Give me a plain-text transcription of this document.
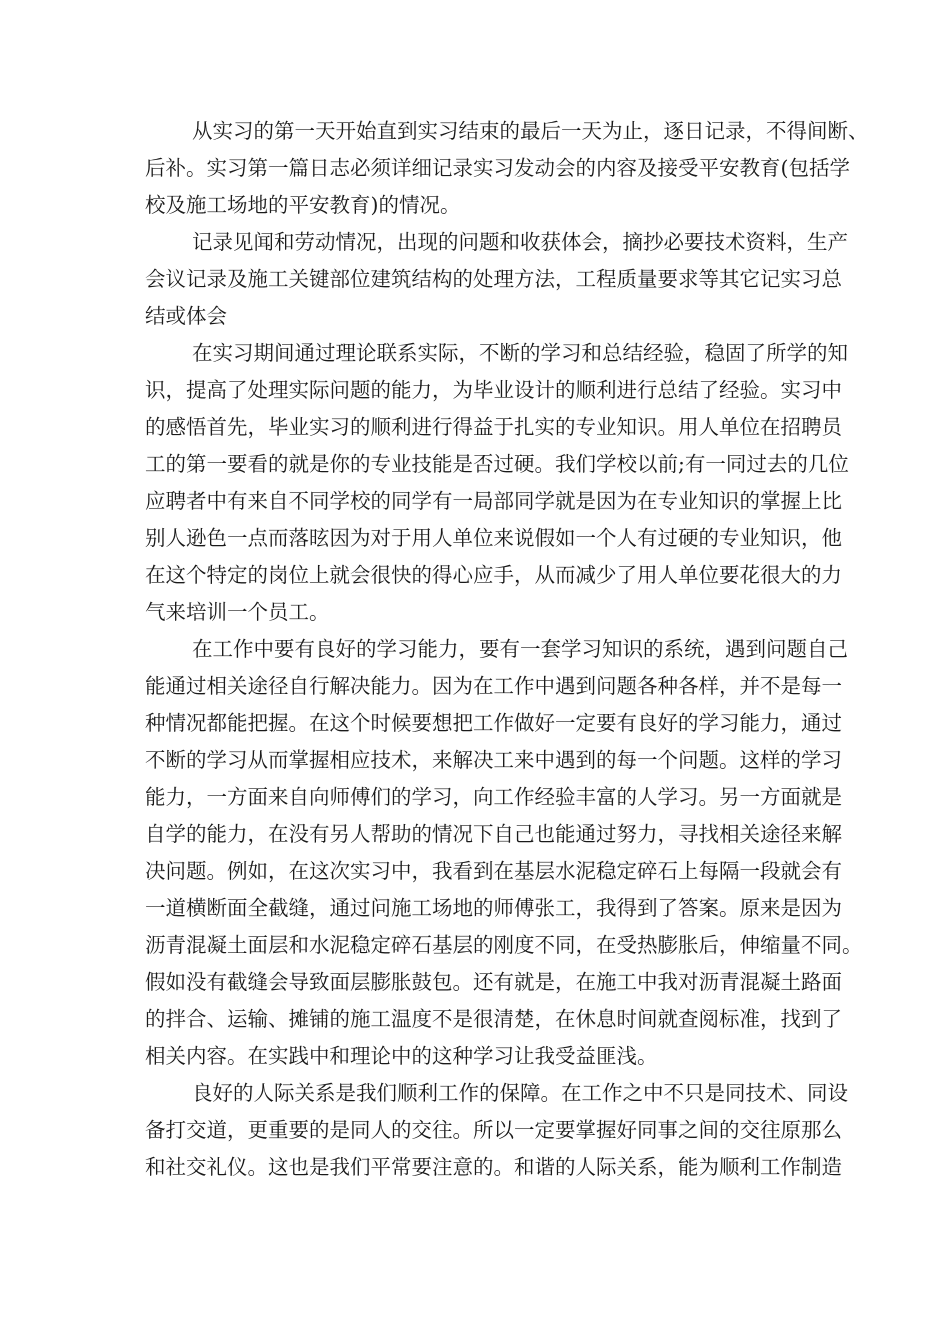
从实习的第一天开始直到实习结束的最后一天为止，逐日记录，不得间断、
后补。实习第一篇日志必须详细记录实习发动会的内容及接受平安教育(包括学
校及施工场地的平安教育)的情况。
记录见闻和劳动情况，出现的问题和收获体会，摘抄必要技术资料，生产
会议记录及施工关键部位建筑结构的处理方法，工程质量要求等其它记实习总
结或体会
在实习期间通过理论联系实际，不断的学习和总结经验，稳固了所学的知
识，提高了处理实际问题的能力，为毕业设计的顺利进行总结了经验。实习中
的感悟首先，毕业实习的顺利进行得益于扎实的专业知识。用人单位在招聘员
工的第一要看的就是你的专业技能是否过硬。我们学校以前;有一同过去的几位
应聘者中有来自不同学校的同学有一局部同学就是因为在专业知识的掌握上比
别人逊色一点而落昡因为对于用人单位来说假如一个人有过硬的专业知识，他
在这个特定的岗位上就会很快的得心应手，从而减少了用人单位要花很大的力
气来培训一个员工。
在工作中要有良好的学习能力，要有一套学习知识的系统，遇到问题自己
能通过相关途径自行解决能力。因为在工作中遇到问题各种各样，并不是每一
种情况都能把握。在这个时候要想把工作做好一定要有良好的学习能力，通过
不断的学习从而掌握相应技术，来解决工来中遇到的每一个问题。这样的学习
能力，一方面来自向师傅们的学习，向工作经验丰富的人学习。另一方面就是
自学的能力，在没有另人帮助的情况下自己也能通过努力，寻找相关途径来解
决问题。例如，在这次实习中，我看到在基层水泥稳定碎石上每隔一段就会有
一道横断面全截缝，通过问施工场地的师傅张工，我得到了答案。原来是因为
沥青混凝土面层和水泥稳定碎石基层的刚度不同，在受热膨胀后，伸缩量不同。
假如没有截缝会导致面层膨胀鼓包。还有就是，在施工中我对沥青混凝土路面
的拌合、运输、摊铺的施工温度不是很清楚，在休息时间就查阅标准，找到了
相关内容。在实践中和理论中的这种学习让我受益匪浅。
良好的人际关系是我们顺利工作的保障。在工作之中不只是同技术、同设
备打交道，更重要的是同人的交往。所以一定要掌握好同事之间的交往原那么
和社交礼仪。这也是我们平常要注意的。和谐的人际关系，能为顺利工作制造
